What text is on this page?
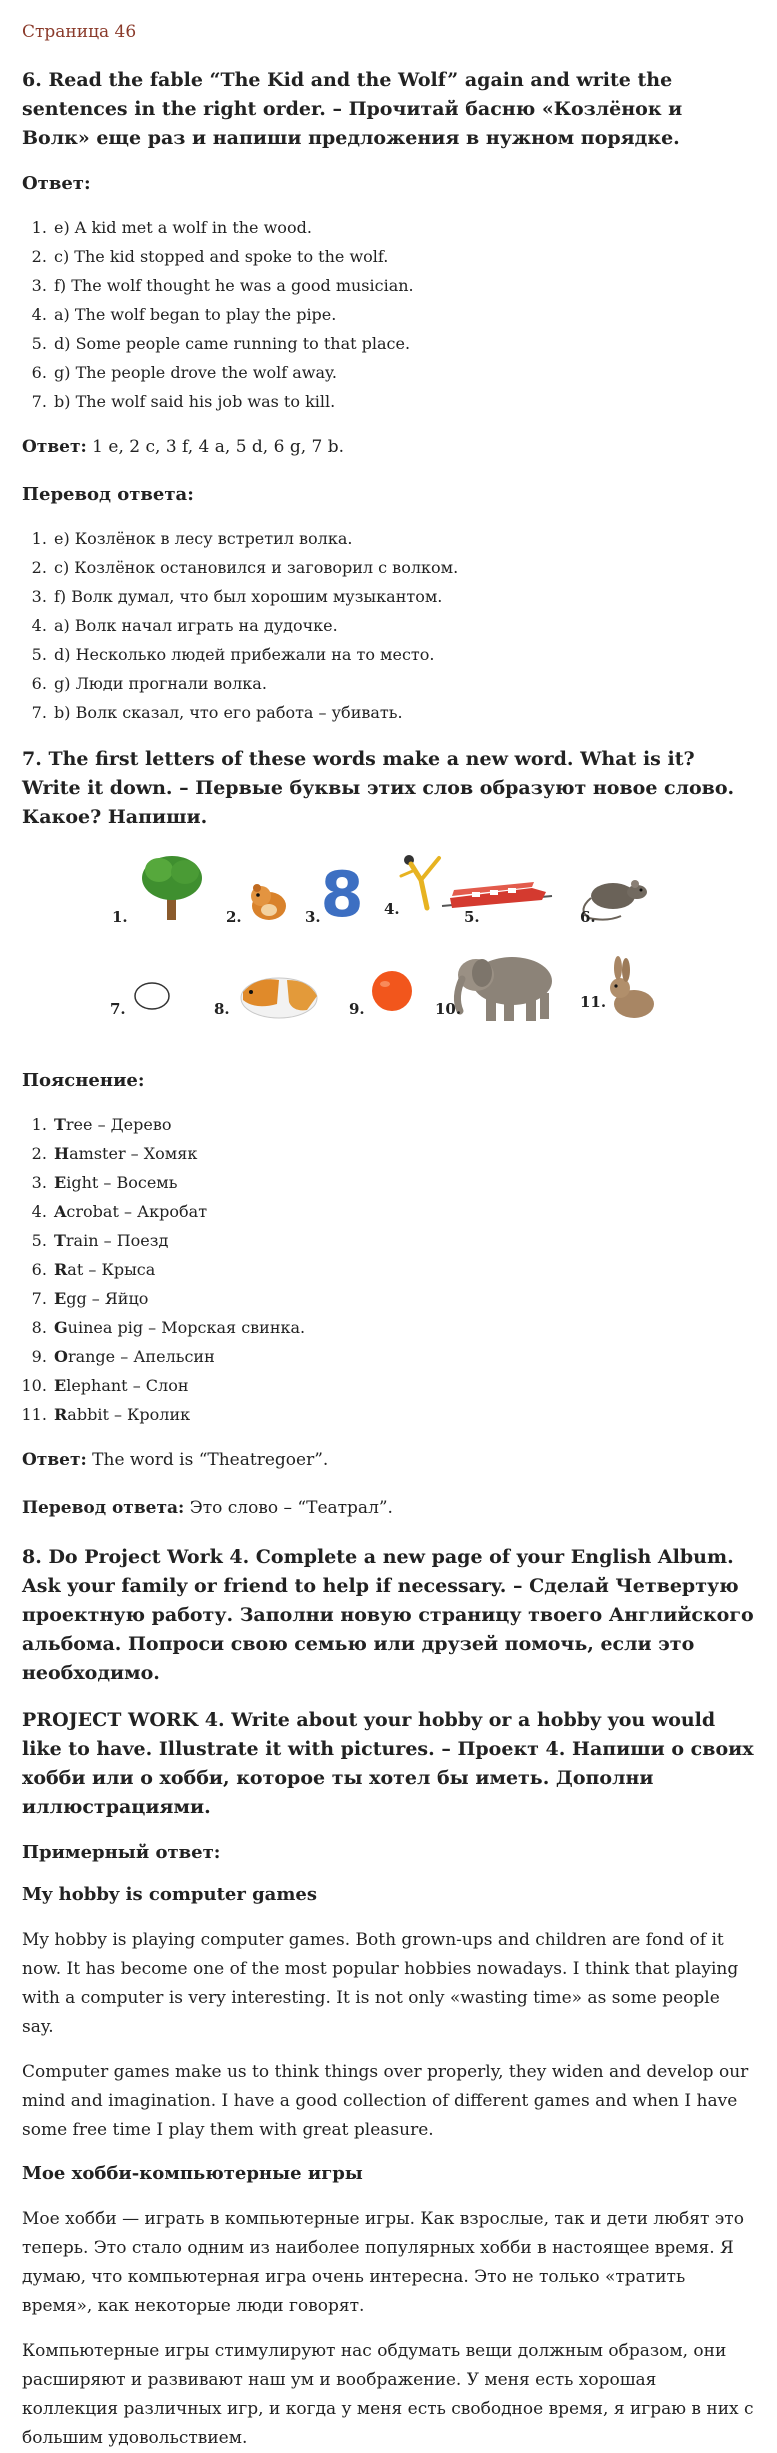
Страница 46
6. Read the fable “The Kid and the Wolf” again and write the sentences in the right order. – Прочитай басню «Козлёнок и Волк» еще раз и напиши предложения в нужном порядке.
Ответ:
1. e) A kid met a wolf in the wood.
2. c) The kid stopped and spoke to the wolf.
3. f) The wolf thought he was a good musician.
4. a) The wolf began to play the pipe.
5. d) Some people came running to that place.
6. g) The people drove the wolf away.
7. b) The wolf said his job was to kill.
Ответ: 1 e, 2 c, 3 f, 4 a, 5 d, 6 g, 7 b.
Перевод ответа:
1. e) Козлёнок в лесу встретил волка.
2. c) Козлёнок остановился и заговорил с волком.
3. f) Волк думал, что был хорошим музыкантом.
4. a) Волк начал играть на дудочке.
5. d) Несколько людей прибежали на то место.
6. g) Люди прогнали волка.
7. b) Волк сказал, что его работа – убивать.
7. The first letters of these words make a new word. What is it? Write it down. – Первые буквы этих слов образуют новое слово. Какое? Напиши.
1.	2. 8
3.	4.	5.	6.
7.	8.	9.	10.	11.
Пояснение:
1. Tree – Дерево
2. Hamster – Хомяк
3. Eight – Восемь
4. Acrobat – Акробат
5. Train – Поезд
6. Rat – Крыса
7. Egg – Яйцо
8. Guinea pig – Морская свинка.
9. Orange – Апельсин
10. Elephant – Слон
11. Rabbit – Кролик
Ответ: The word is “Theatregoer”.
Перевод ответа: Это слово – “Театрал”.
8. Do Project Work 4. Complete a new page of your English Album. Ask your family or friend to help if necessary. – Сделай Четвертую проектную работу. Заполни новую страницу твоего Английского альбома. Попроси свою семью или друзей помочь, если это необходимо.
PROJECT WORK 4. Write about your hobby or a hobby you would like to have. Illustrate it with pictures. – Проект 4. Напиши о своих хобби или о хобби, которое ты хотел бы иметь. Дополни иллюстрациями.
Примерный ответ:
My hobby is computer games

My hobby is playing computer games. Both grown-ups and children are fond of it now. It has become one of the most popular hobbies nowadays. I think that playing with a computer is very interesting. It is not only «wasting time» as some people say.

Computer games make us to think things over properly, they widen and develop our mind and imagination. I have a good collection of different games and when I have some free time I play them with great pleasure.

Мое хобби-компьютерные игры

Мое хобби — играть в компьютерные игры. Как взрослые, так и дети любят это теперь. Это стало одним из наиболее популярных хобби в настоящее время. Я думаю, что компьютерная игра очень интересна. Это не только «тратить время», как некоторые люди говорят.

Компьютерные игры стимулируют нас обдумать вещи должным образом, они расширяют и развивают наш ум и воображение. У меня есть хорошая коллекция различных игр, и когда у меня есть свободное время, я играю в них с большим удовольствием.
